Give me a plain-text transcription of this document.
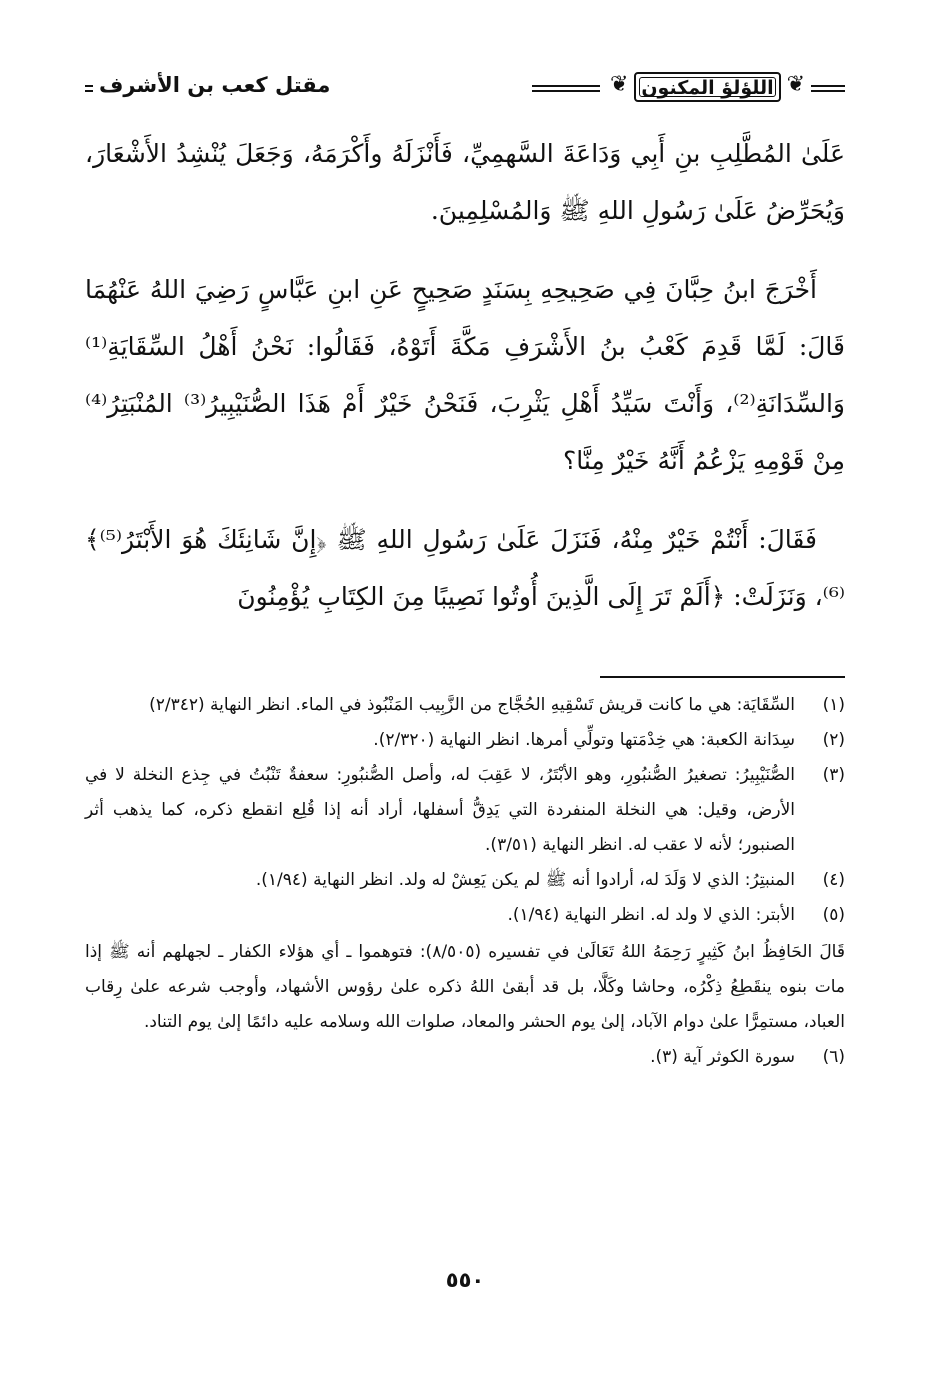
❦
اللؤلؤ المكنون
❦
مقتل كعب بن الأشرف

عَلَىٰ المُطَّلِبِ بنِ أَبِي وَدَاعَةَ السَّهمِيِّ، فَأَنْزَلَهُ وأَكْرَمَهُ، وَجَعَلَ يُنْشِدُ الأَشْعَارَ، وَيُحَرِّضُ عَلَىٰ رَسُولِ اللهِ ﷺ وَالمُسْلِمِينَ.

أَخْرَجَ ابنُ حِبَّانَ فِي صَحِيحِهِ بِسَنَدٍ صَحِيحٍ عَنِ ابنِ عَبَّاسٍ رَضِيَ اللهُ عَنْهُمَا قَالَ: لَمَّا قَدِمَ كَعْبُ بنُ الأَشْرَفِ مَكَّةَ أَتَوْهُ، فَقَالُوا: نَحْنُ أَهْلُ السِّقَايَةِ⁽¹⁾ وَالسِّدَانَةِ⁽²⁾، وَأَنْتَ سَيِّدُ أَهْلِ يَثْرِبَ، فَنَحْنُ خَيْرٌ أَمْ هَذَا الصُّنَيْبِيرُ⁽³⁾ المُنْبَتِرُ⁽⁴⁾ مِنْ قَوْمِهِ يَزْعُمُ أَنَّهُ خَيْرٌ مِنَّا؟

فَقَالَ: أَنْتُمْ خَيْرٌ مِنْهُ، فَنَزَلَ عَلَىٰ رَسُولِ اللهِ ﷺ ﴿إِنَّ شَانِئَكَ هُوَ الأَبْتَرُ⁽⁵⁾﴾⁽⁶⁾، وَنَزَلَتْ: ﴿أَلَمْ تَرَ إِلَى الَّذِينَ أُوتُوا نَصِيبًا مِنَ الكِتَابِ يُؤْمِنُونَ

(١)
السِّقَايَة: هي ما كانت قريش تَسْقِيهِ الحُجَّاج من الزَّبِيب المَنْبُوذ في الماء. انظر النهاية (٢/٣٤٢)
(٢)
سِدَانة الكعبة: هي خِدْمَتها وتولِّي أمرها. انظر النهاية (٢/٣٢٠).
(٣)
الصُّنَيْبِيرُ: تصغيرُ الصُّنبُورِ، وهو الأبْتَرُ، لا عَقِبَ له، وأصل الصُّنبُورِ: سعفةٌ تَنْبُتُ في جِذع النخلة لا في الأرض، وقيل: هي النخلة المنفردة التي يَدِقُّ أسفلها، أراد أنه إذا قُلِع انقطع ذكره، كما يذهب أثر الصنبور؛ لأنه لا عقب له. انظر النهاية (٣/٥١).
(٤)
المنبتِرُ: الذي لا وَلَدَ له، أرادوا أنه ﷺ لم يكن يَعِشْ له ولد. انظر النهاية (١/٩٤).
(٥)
الأبتر: الذي لا ولد له. انظر النهاية (١/٩٤).
قَالَ الحَافِظُ ابنُ كَثِيرٍ رَحِمَهُ اللهُ تَعَالَىٰ في تفسيره (٨/٥٠٥): فتوهموا ـ أي هؤلاء الكفار ـ لجهلهم أنه ﷺ إذا مات بنوه ينقَطِعُ ذِكْرُه، وحاشا وكَلَّا، بل قد أبقىٰ اللهُ ذكره علىٰ رؤوس الأشهاد، وأوجب شرعه علىٰ رِقاب العباد، مستمِرًّا علىٰ دوام الآباد، إلىٰ يوم الحشر والمعاد، صلوات الله وسلامه عليه دائمًا إلىٰ يوم التناد.
(٦)
سورة الكوثر آية (٣).
٥٥٠
